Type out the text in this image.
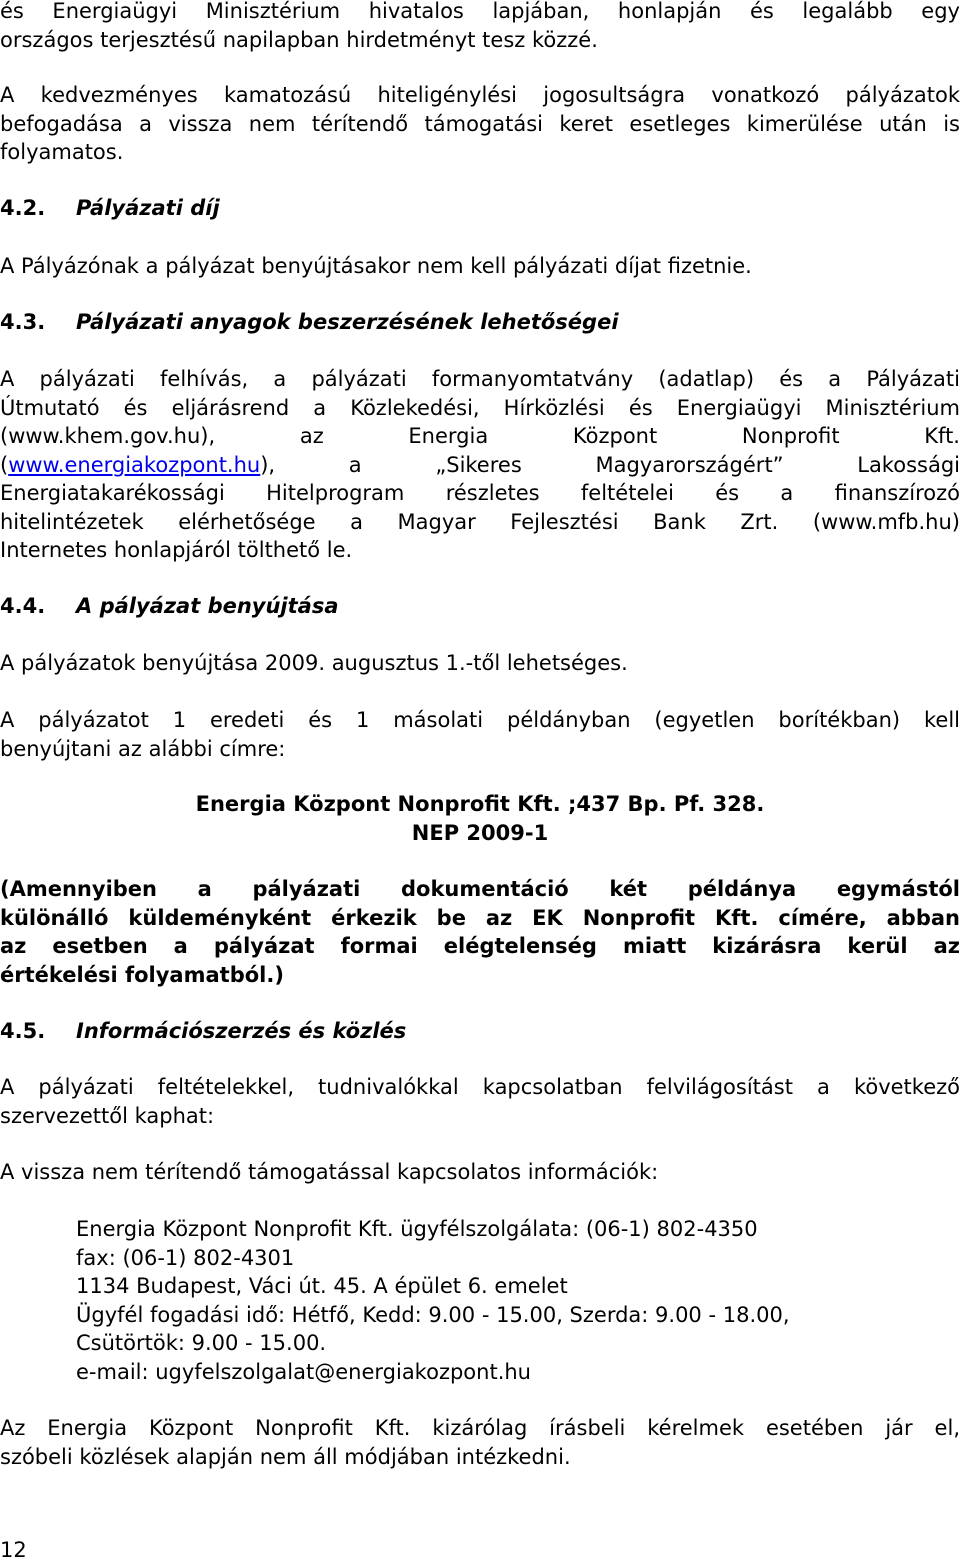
és Energiaügyi Minisztérium hivatalos lapjában, honlapján és legalább egy
országos terjesztésű napilapban hirdetményt tesz közzé.
A kedvezményes kamatozású hiteligénylési jogosultságra vonatkozó pályázatok
befogadása a vissza nem térítendő támogatási keret esetleges kimerülése után is
folyamatos.
4.2. Pályázati díj
A Pályázónak a pályázat benyújtásakor nem kell pályázati díjat fizetnie.
4.3. Pályázati anyagok beszerzésének lehetőségei
A pályázati felhívás, a pályázati formanyomtatvány (adatlap) és a Pályázati
Útmutató és eljárásrend a Közlekedési, Hírközlési és Energiaügyi Minisztérium
(www.khem.gov.hu), az Energia Központ Nonprofit Kft.
(www.energiakozpont.hu), a „Sikeres Magyarországért” Lakossági
Energiatakarékossági Hitelprogram részletes feltételei és a finanszírozó
hitelintézetek elérhetősége a Magyar Fejlesztési Bank Zrt. (www.mfb.hu)
Internetes honlapjáról tölthető le.
4.4. A pályázat benyújtása
A pályázatok benyújtása 2009. augusztus 1.-től lehetséges.
A pályázatot 1 eredeti és 1 másolati példányban (egyetlen borítékban) kell
benyújtani az alábbi címre:
Energia Központ Nonprofit Kft. ;437 Bp. Pf. 328.
NEP 2009-1
(Amennyiben a pályázati dokumentáció két példánya egymástól
különálló küldeményként érkezik be az EK Nonprofit Kft. címére, abban
az esetben a pályázat formai elégtelenség miatt kizárásra kerül az
értékelési folyamatból.)
4.5. Információszerzés és közlés
A pályázati feltételekkel, tudnivalókkal kapcsolatban felvilágosítást a következő
szervezettől kaphat:
A vissza nem térítendő támogatással kapcsolatos információk:
Energia Központ Nonprofit Kft. ügyfélszolgálata: (06-1) 802-4350
fax: (06-1) 802-4301
1134 Budapest, Váci út. 45. A épület 6. emelet
Ügyfél fogadási idő: Hétfő, Kedd: 9.00 - 15.00, Szerda: 9.00 - 18.00,
Csütörtök: 9.00 - 15.00.
e-mail: ugyfelszolgalat@energiakozpont.hu
Az Energia Központ Nonprofit Kft. kizárólag írásbeli kérelmek esetében jár el,
szóbeli közlések alapján nem áll módjában intézkedni.
12
